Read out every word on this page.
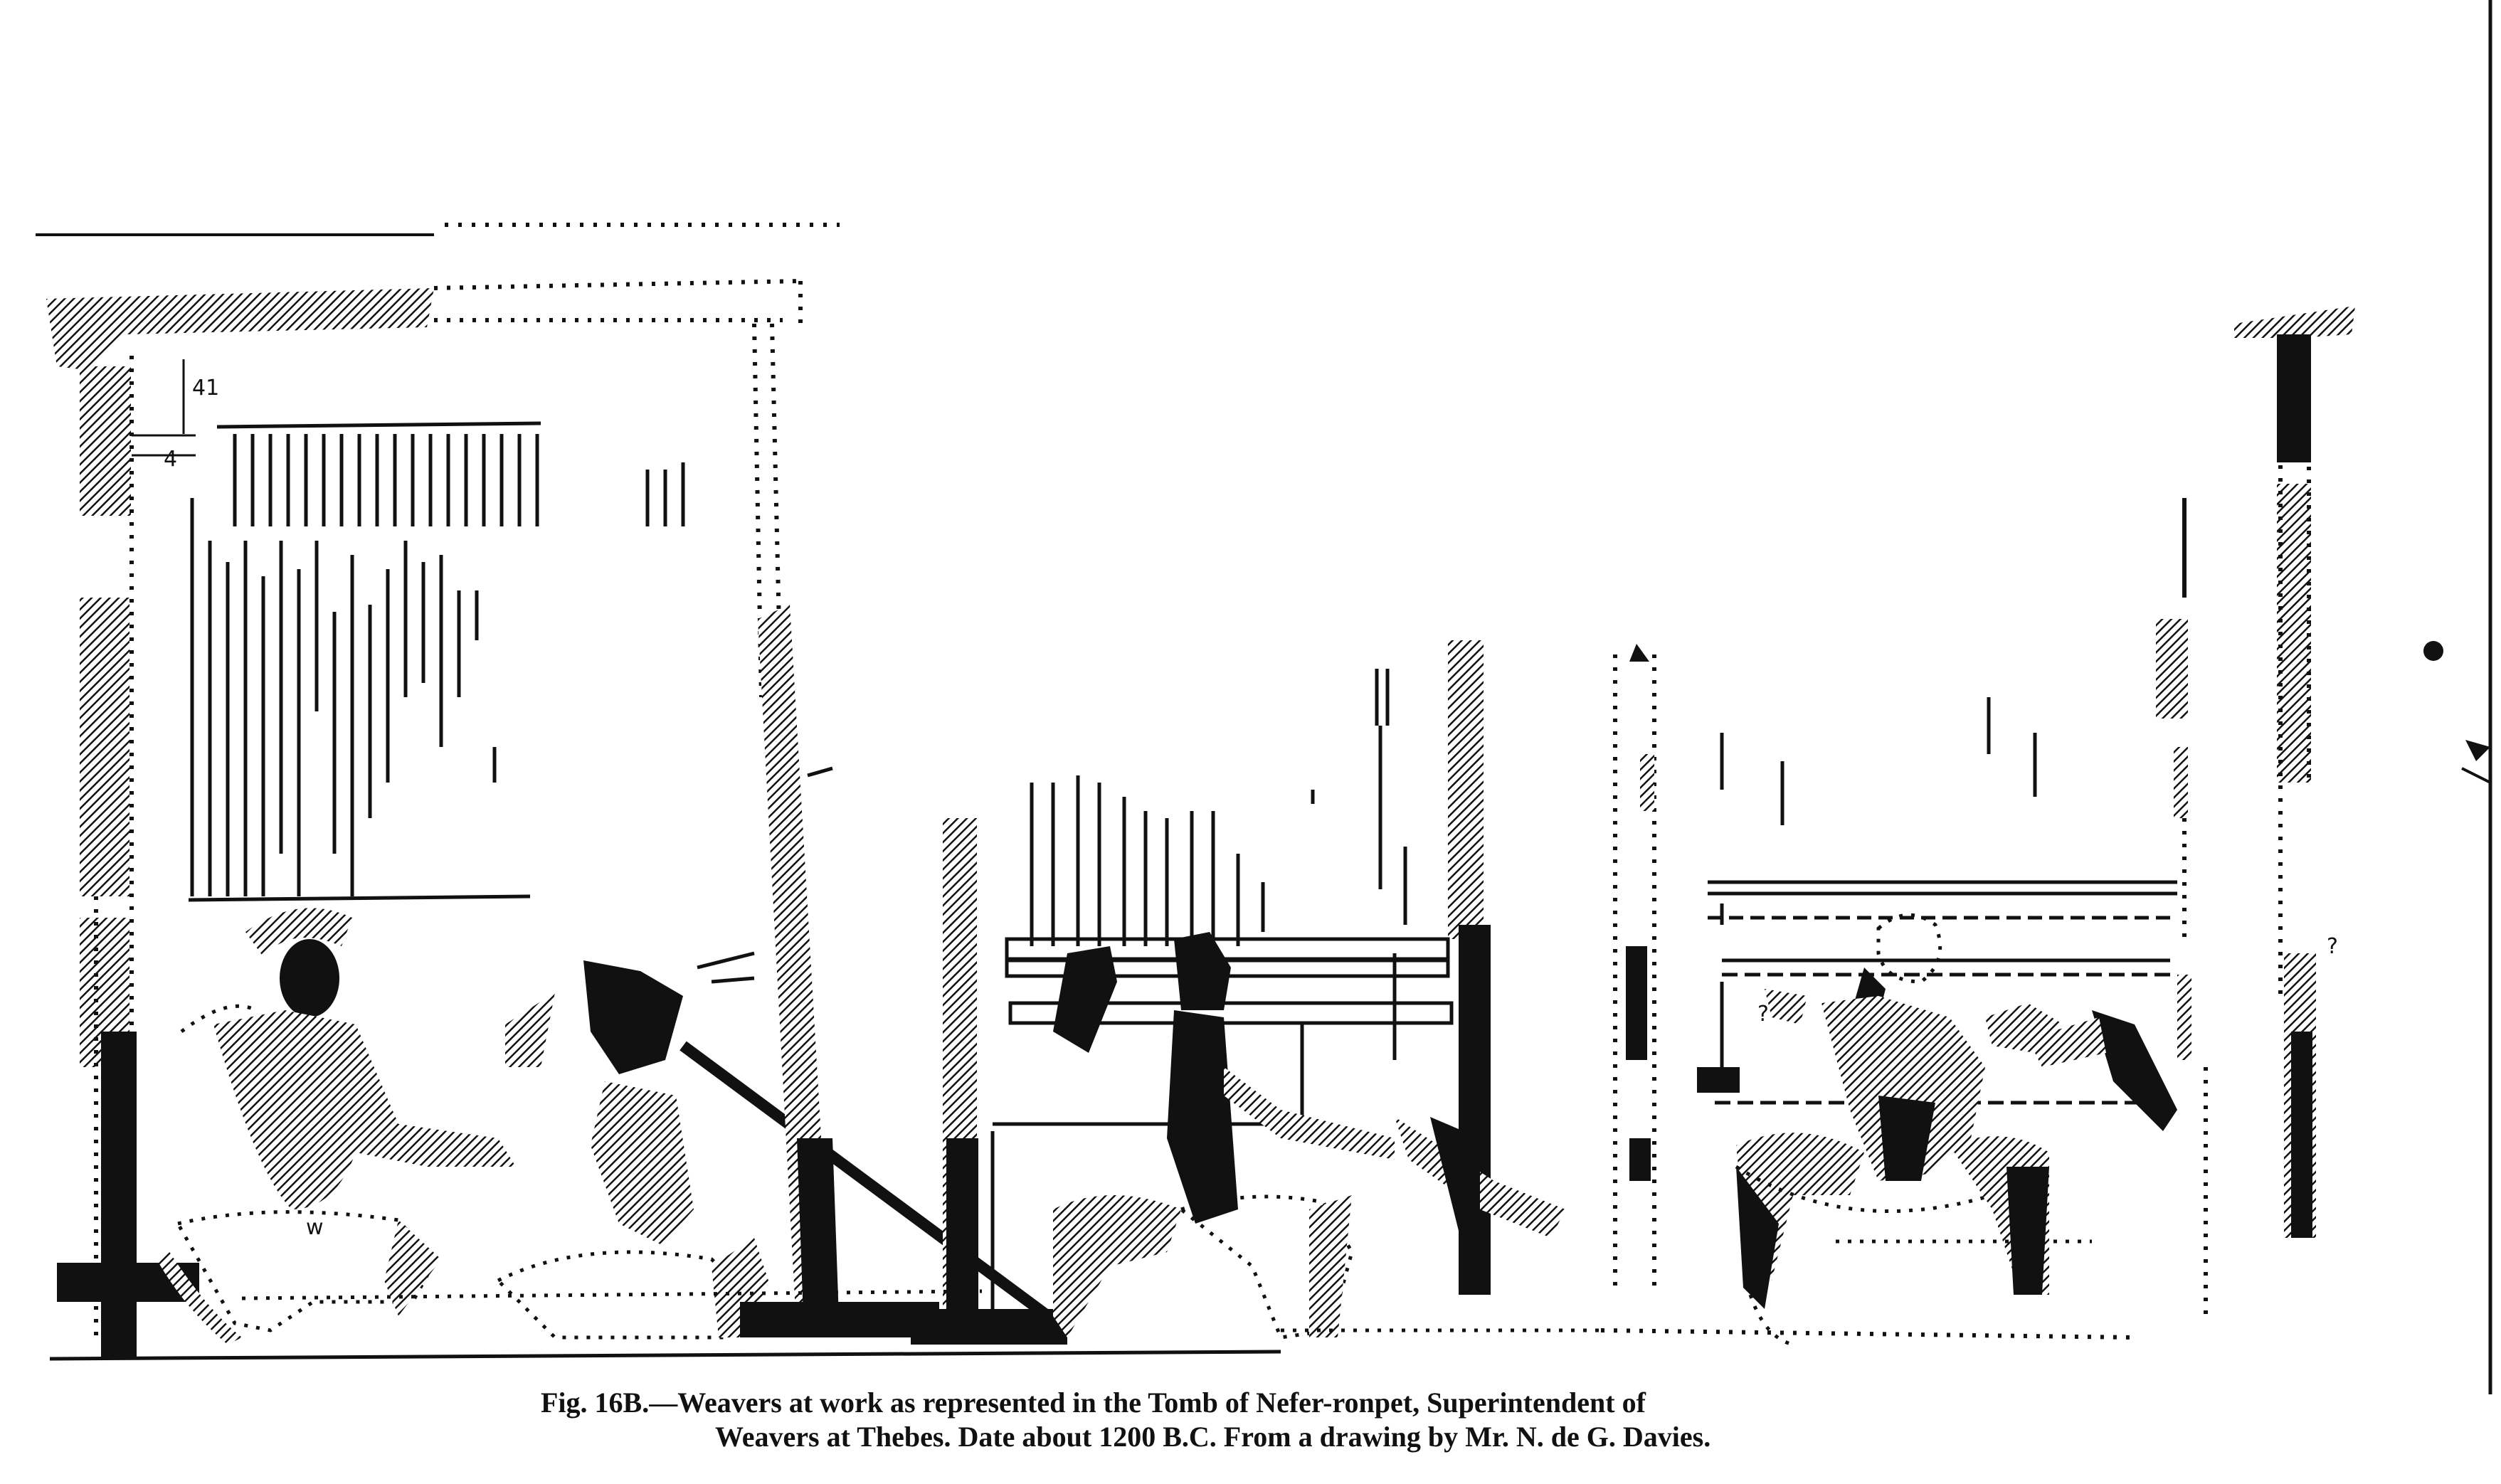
41
4
w
?
?
Fig. 16B.—Weavers at work as represented in the Tomb of Nefer-ronpet, Superintendent of
Weavers at Thebes. Date about 1200 B.C. From a drawing by Mr. N. de G. Davies.
